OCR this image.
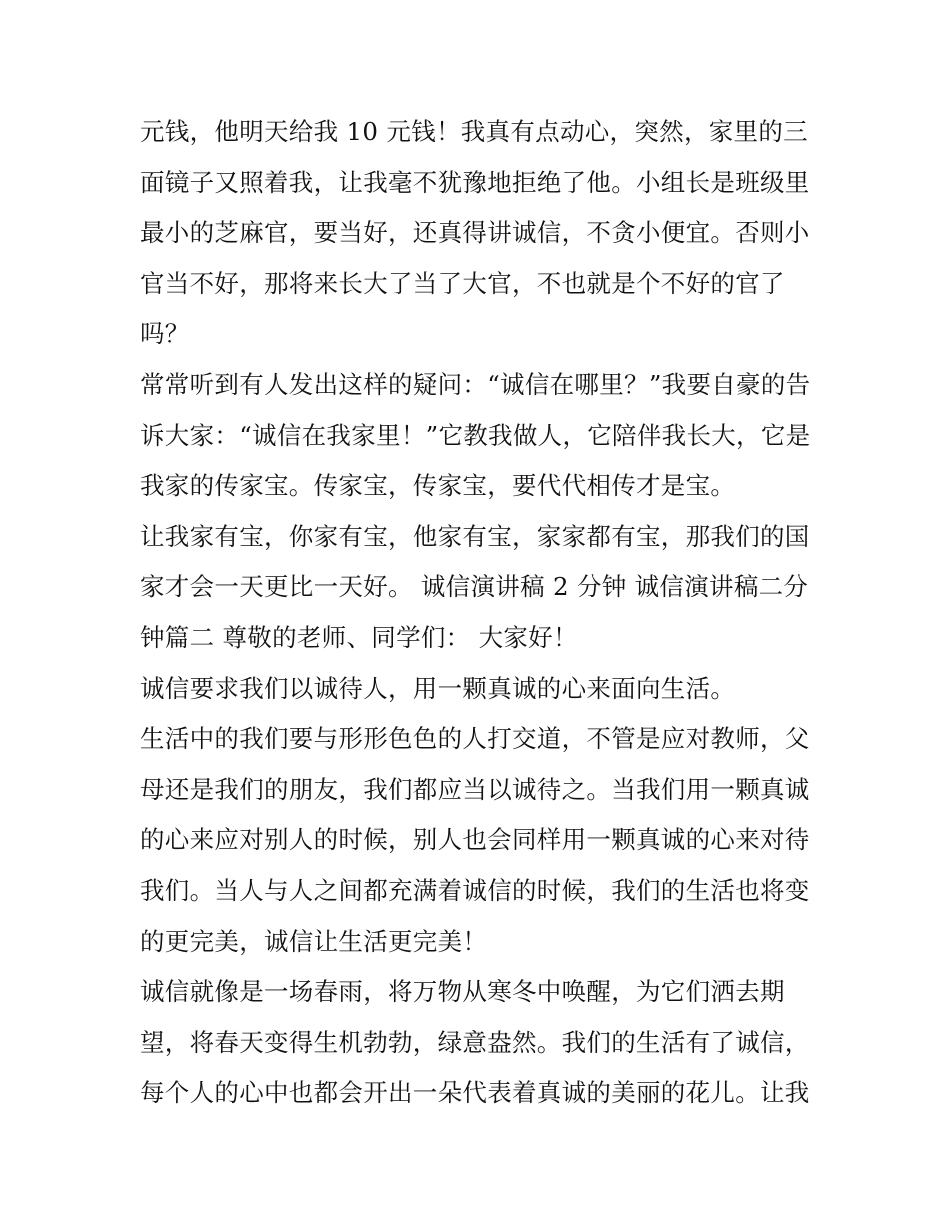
元钱，他明天给我 10 元钱！我真有点动心，突然，家里的三
面镜子又照着我，让我毫不犹豫地拒绝了他。小组长是班级里
最小的芝麻官，要当好，还真得讲诚信，不贪小便宜。否则小
官当不好，那将来长大了当了大官，不也就是个不好的官了
吗？
常常听到有人发出这样的疑问：“诚信在哪里？”我要自豪的告
诉大家：“诚信在我家里！”它教我做人，它陪伴我长大，它是
我家的传家宝。传家宝，传家宝，要代代相传才是宝。
让我家有宝，你家有宝，他家有宝，家家都有宝，那我们的国
家才会一天更比一天好。 诚信演讲稿 2 分钟 诚信演讲稿二分
钟篇二 尊敬的老师、同学们： 大家好！
诚信要求我们以诚待人，用一颗真诚的心来面向生活。
生活中的我们要与形形色色的人打交道，不管是应对教师，父
母还是我们的朋友，我们都应当以诚待之。当我们用一颗真诚
的心来应对别人的时候，别人也会同样用一颗真诚的心来对待
我们。当人与人之间都充满着诚信的时候，我们的生活也将变
的更完美，诚信让生活更完美！
诚信就像是一场春雨，将万物从寒冬中唤醒，为它们洒去期
望，将春天变得生机勃勃，绿意盎然。我们的生活有了诚信，
每个人的心中也都会开出一朵代表着真诚的美丽的花儿。让我
